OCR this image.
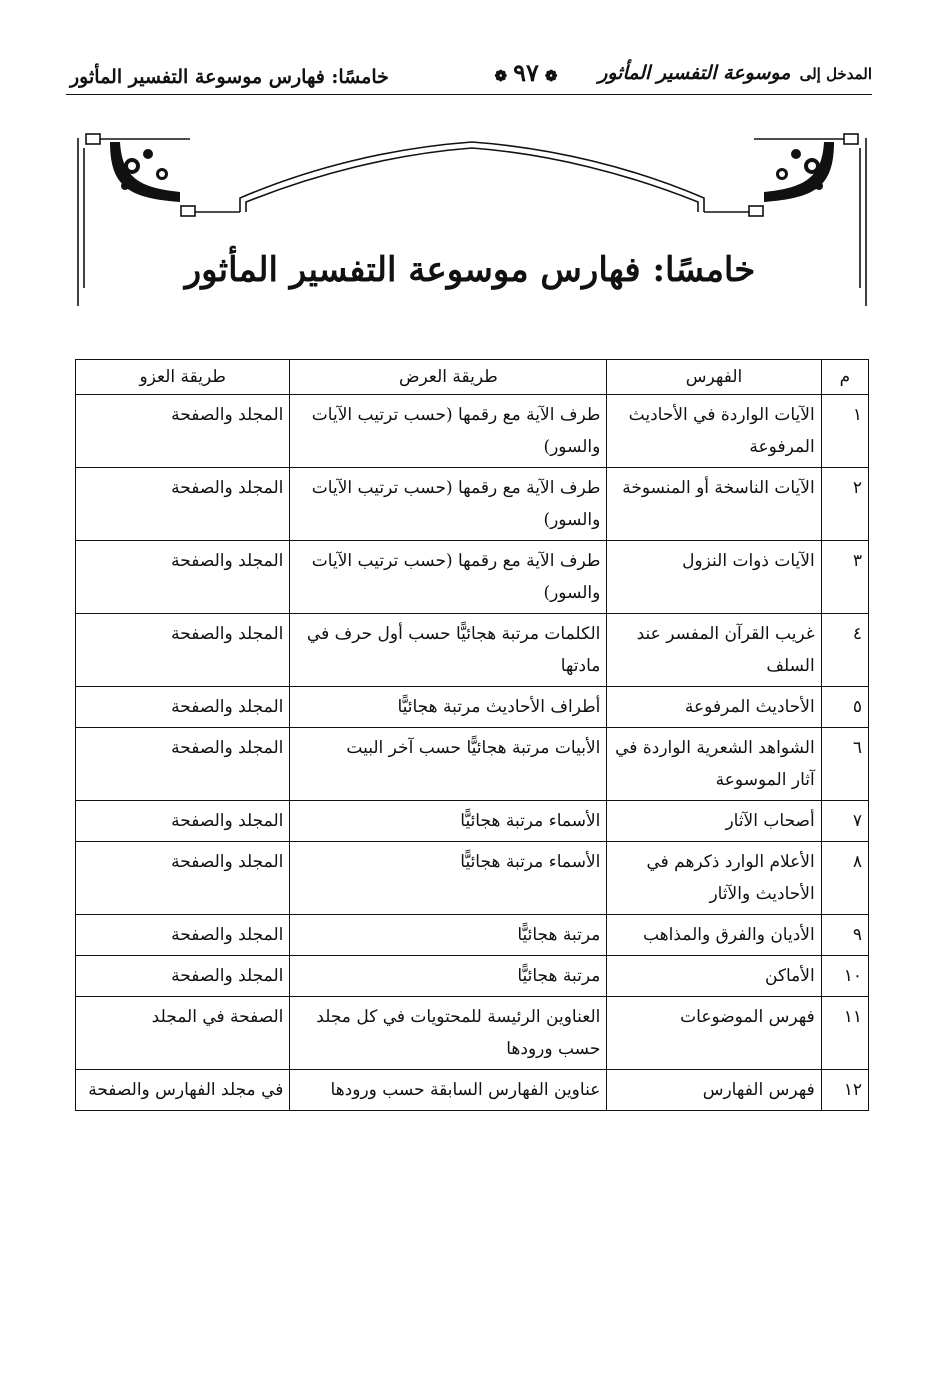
المدخل إلى موسوعة التفسير المأثور
❁٩٧❁
خامسًا: فهارس موسوعة التفسير المأثور
خامسًا: فهارس موسوعة التفسير المأثور
م	الفهرس	طريقة العرض	طريقة العزو
١	الآيات الواردة في الأحاديث المرفوعة	طرف الآية مع رقمها (حسب ترتيب الآيات والسور)	المجلد والصفحة
٢	الآيات الناسخة أو المنسوخة	طرف الآية مع رقمها (حسب ترتيب الآيات والسور)	المجلد والصفحة
٣	الآيات ذوات النزول	طرف الآية مع رقمها (حسب ترتيب الآيات والسور)	المجلد والصفحة
٤	غريب القرآن المفسر عند السلف	الكلمات مرتبة هجائيًّا حسب أول حرف في مادتها	المجلد والصفحة
٥	الأحاديث المرفوعة	أطراف الأحاديث مرتبة هجائيًّا	المجلد والصفحة
٦	الشواهد الشعرية الواردة في آثار الموسوعة	الأبيات مرتبة هجائيًّا حسب آخر البيت	المجلد والصفحة
٧	أصحاب الآثار	الأسماء مرتبة هجائيًّا	المجلد والصفحة
٨	الأعلام الوارد ذكرهم في الأحاديث والآثار	الأسماء مرتبة هجائيًّا	المجلد والصفحة
٩	الأديان والفرق والمذاهب	مرتبة هجائيًّا	المجلد والصفحة
١٠	الأماكن	مرتبة هجائيًّا	المجلد والصفحة
١١	فهرس الموضوعات	العناوين الرئيسة للمحتويات في كل مجلد حسب ورودها	الصفحة في المجلد
١٢	فهرس الفهارس	عناوين الفهارس السابقة حسب ورودها	في مجلد الفهارس والصفحة
